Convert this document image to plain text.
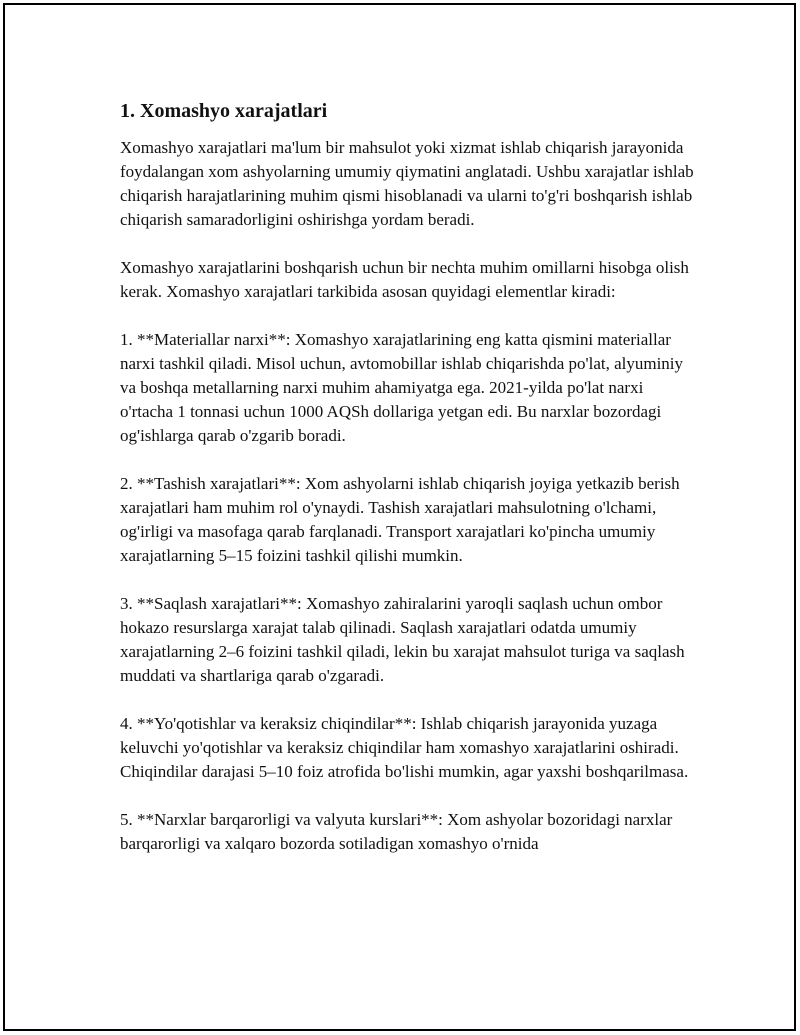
1. Xomashyo xarajatlari

Xomashyo xarajatlari ma'lum bir mahsulot yoki xizmat ishlab chiqarish jarayonida foydalangan xom ashyolarning umumiy qiymatini anglatadi. Ushbu xarajatlar ishlab chiqarish harajatlarining muhim qismi hisoblanadi va ularni to'g'ri boshqarish ishlab chiqarish samaradorligini oshirishga yordam beradi.

Xomashyo xarajatlarini boshqarish uchun bir nechta muhim omillarni hisobga olish kerak. Xomashyo xarajatlari tarkibida asosan quyidagi elementlar kiradi:

1. **Materiallar narxi**: Xomashyo xarajatlarining eng katta qismini materiallar narxi tashkil qiladi. Misol uchun, avtomobillar ishlab chiqarishda po'lat, alyuminiy va boshqa metallarning narxi muhim ahamiyatga ega. 2021-yilda po'lat narxi o'rtacha 1 tonnasi uchun 1000 AQSh dollariga yetgan edi. Bu narxlar bozordagi og'ishlarga qarab o'zgarib boradi.

2. **Tashish xarajatlari**: Xom ashyolarni ishlab chiqarish joyiga yetkazib berish xarajatlari ham muhim rol o'ynaydi. Tashish xarajatlari mahsulotning o'lchami, og'irligi va masofaga qarab farqlanadi. Transport xarajatlari ko'pincha umumiy xarajatlarning 5–15 foizini tashkil qilishi mumkin.

3. **Saqlash xarajatlari**: Xomashyo zahiralarini yaroqli saqlash uchun ombor hokazo resurslarga xarajat talab qilinadi. Saqlash xarajatlari odatda umumiy xarajatlarning 2–6 foizini tashkil qiladi, lekin bu xarajat mahsulot turiga va saqlash muddati va shartlariga qarab o'zgaradi.

4. **Yo'qotishlar va keraksiz chiqindilar**: Ishlab chiqarish jarayonida yuzaga keluvchi yo'qotishlar va keraksiz chiqindilar ham xomashyo xarajatlarini oshiradi. Chiqindilar darajasi 5–10 foiz atrofida bo'lishi mumkin, agar yaxshi boshqarilmasa.

5. **Narxlar barqarorligi va valyuta kurslari**: Xom ashyolar bozoridagi narxlar barqarorligi va xalqaro bozorda sotiladigan xomashyo o'rnida
